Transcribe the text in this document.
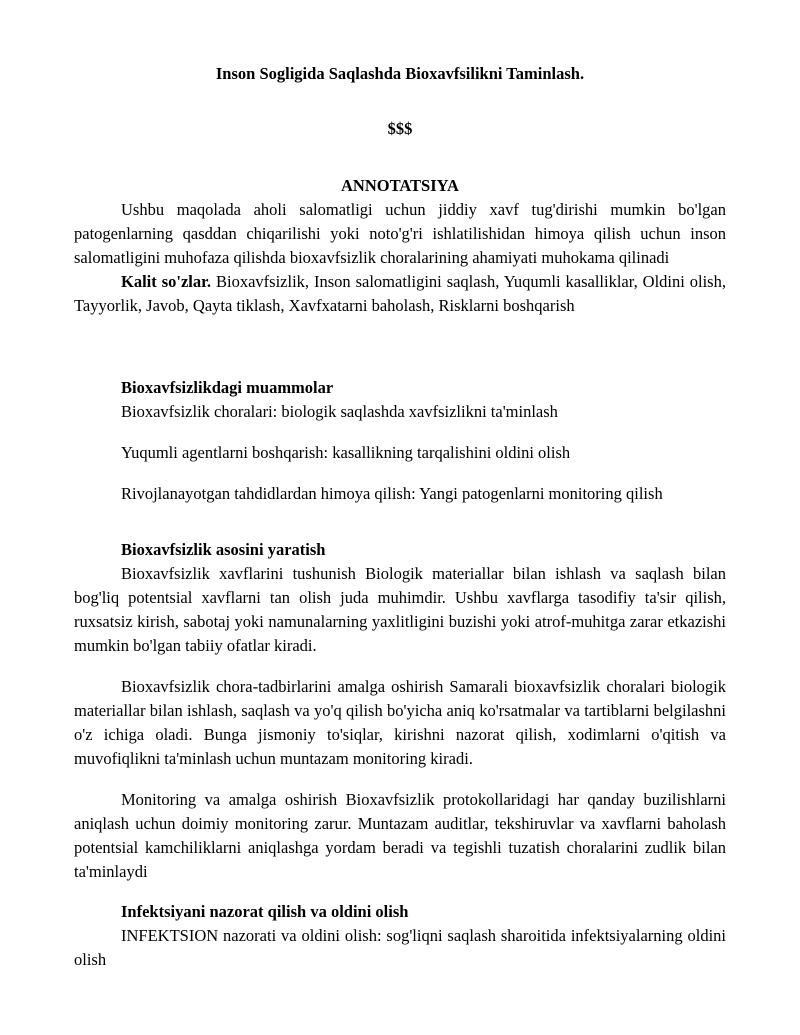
Inson Sogligida Saqlashda Bioxavfsilikni Taminlash.
$$$
ANNOTATSIYA

Ushbu maqolada aholi salomatligi uchun jiddiy xavf tug'dirishi mumkin bo'lgan patogenlarning qasddan chiqarilishi yoki noto'g'ri ishlatilishidan himoya qilish uchun inson salomatligini muhofaza qilishda bioxavfsizlik choralarining ahamiyati muhokama qilinadi

Kalit so'zlar. Bioxavfsizlik, Inson salomatligini saqlash, Yuqumli kasalliklar, Oldini olish, Tayyorlik, Javob, Qayta tiklash, Xavfxatarni baholash, Risklarni boshqarish

Bioxavfsizlikdagi muammolar
Bioxavfsizlik choralari: biologik saqlashda xavfsizlikni ta'minlash
Yuqumli agentlarni boshqarish: kasallikning tarqalishini oldini olish
Rivojlanayotgan tahdidlardan himoya qilish: Yangi patogenlarni monitoring qilish
Bioxavfsizlik asosini yaratish

Bioxavfsizlik xavflarini tushunish Biologik materiallar bilan ishlash va saqlash bilan bog'liq potentsial xavflarni tan olish juda muhimdir. Ushbu xavflarga tasodifiy ta'sir qilish, ruxsatsiz kirish, sabotaj yoki namunalarning yaxlitligini buzishi yoki atrof-muhitga zarar etkazishi mumkin bo'lgan tabiiy ofatlar kiradi.

Bioxavfsizlik chora-tadbirlarini amalga oshirish Samarali bioxavfsizlik choralari biologik materiallar bilan ishlash, saqlash va yo'q qilish bo'yicha aniq ko'rsatmalar va tartiblarni belgilashni o'z ichiga oladi. Bunga jismoniy to'siqlar, kirishni nazorat qilish, xodimlarni o'qitish va muvofiqlikni ta'minlash uchun muntazam monitoring kiradi.

Monitoring va amalga oshirish Bioxavfsizlik protokollaridagi har qanday buzilishlarni aniqlash uchun doimiy monitoring zarur. Muntazam auditlar, tekshiruvlar va xavflarni baholash potentsial kamchiliklarni aniqlashga yordam beradi va tegishli tuzatish choralarini zudlik bilan ta'minlaydi

Infektsiyani nazorat qilish va oldini olish

INFEKTSION nazorati va oldini olish: sog'liqni saqlash sharoitida infektsiyalarning oldini olish
